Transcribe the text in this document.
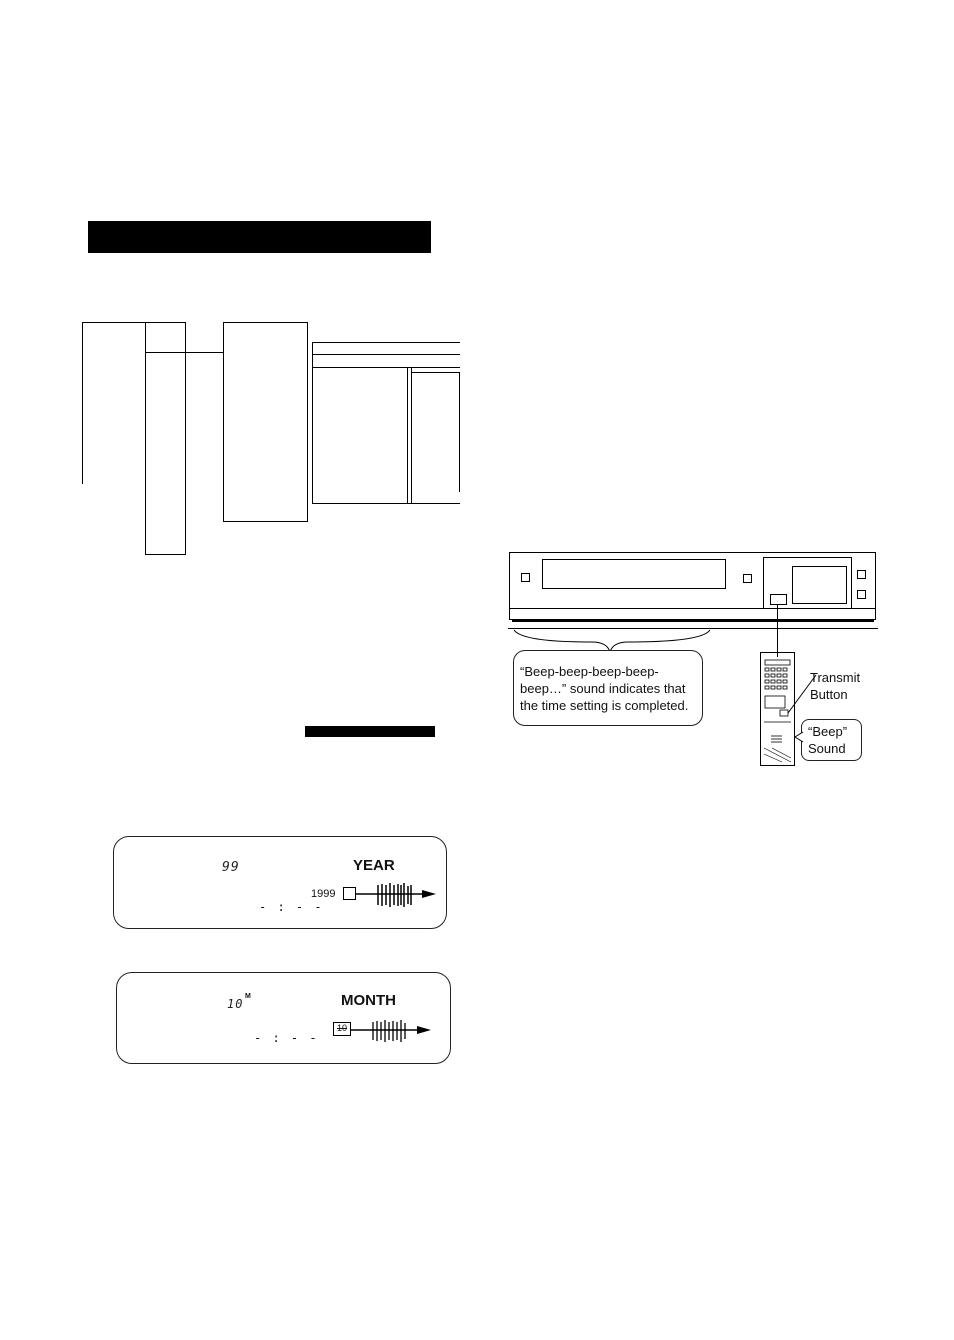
99	YEAR
1999
- : - -
10
M	MONTH
10
- : - -
“Beep-beep-beep-beep-
beep…” sound indicates that
the time setting is completed.
Transmit
Button
“Beep”
Sound
